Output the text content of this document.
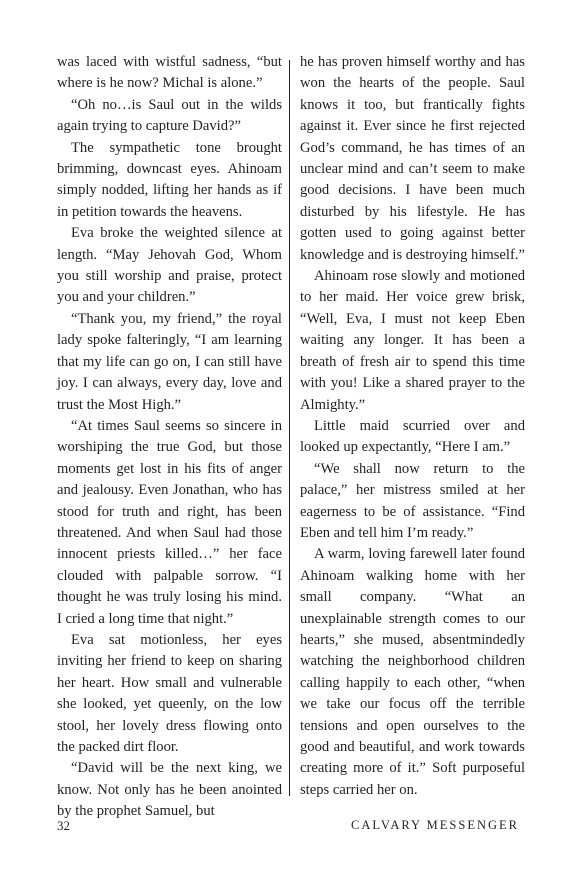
was laced with wistful sadness, “but where is he now? Michal is alone.”

“Oh no…is Saul out in the wilds again trying to capture David?”

The sympathetic tone brought brimming, downcast eyes. Ahinoam simply nodded, lifting her hands as if in petition towards the heavens.

Eva broke the weighted silence at length. “May Jehovah God, Whom you still worship and praise, protect you and your children.”

“Thank you, my friend,” the royal lady spoke falteringly, “I am learning that my life can go on, I can still have joy. I can always, every day, love and trust the Most High.”

“At times Saul seems so sincere in worshiping the true God, but those moments get lost in his fits of anger and jealousy. Even Jonathan, who has stood for truth and right, has been threatened. And when Saul had those innocent priests killed…” her face clouded with palpable sorrow. “I thought he was truly losing his mind. I cried a long time that night.”

Eva sat motionless, her eyes inviting her friend to keep on sharing her heart. How small and vulnerable she looked, yet queenly, on the low stool, her lovely dress flowing onto the packed dirt floor.

“David will be the next king, we know. Not only has he been anointed by the prophet Samuel, but

he has proven himself worthy and has won the hearts of the people. Saul knows it too, but frantically fights against it. Ever since he first rejected God’s command, he has times of an unclear mind and can’t seem to make good decisions. I have been much disturbed by his lifestyle. He has gotten used to going against better knowledge and is destroying himself.”

Ahinoam rose slowly and motioned to her maid. Her voice grew brisk, “Well, Eva, I must not keep Eben waiting any longer. It has been a breath of fresh air to spend this time with you! Like a shared prayer to the Almighty.”

Little maid scurried over and looked up expectantly, “Here I am.”

“We shall now return to the palace,” her mistress smiled at her eagerness to be of assistance. “Find Eben and tell him I’m ready.”

A warm, loving farewell later found Ahinoam walking home with her small company. “What an unexplainable strength comes to our hearts,” she mused, absentmindedly watching the neighborhood children calling happily to each other, “when we take our focus off the terrible tensions and open ourselves to the good and beautiful, and work towards creating more of it.” Soft purposeful steps carried her on.

32	CALVARY MESSENGER
